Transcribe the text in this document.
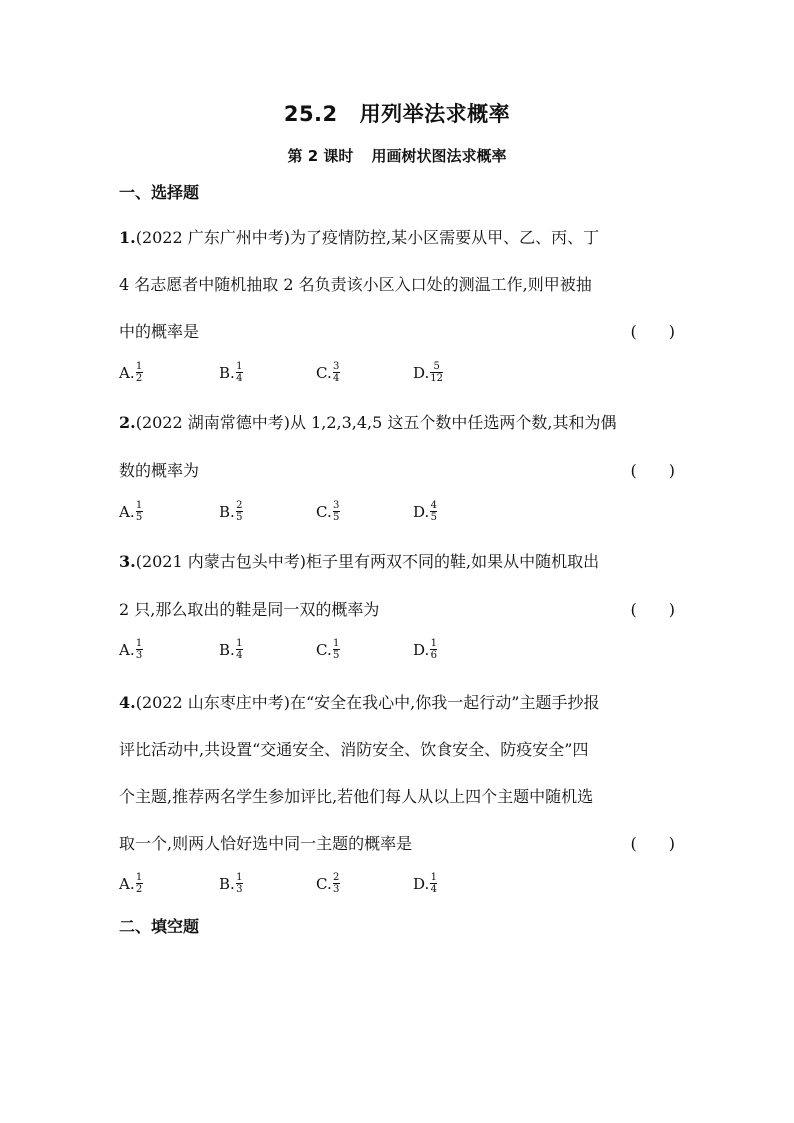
25.2 用列举法求概率
第 2 课时 用画树状图法求概率
一、选择题
1.(2022 广东广州中考)为了疫情防控,某小区需要从甲、乙、丙、丁
4 名志愿者中随机抽取 2 名负责该小区入口处的测温工作,则甲被抽
中的概率是	(　　)
A. $\frac{1}{2}$	B. $\frac{1}{4}$	C. $\frac{3}{4}$	D. $\frac{5}{12}$
2.(2022 湖南常德中考)从 1,2,3,4,5 这五个数中任选两个数,其和为偶
数的概率为	(　　)
A. $\frac{1}{5}$	B. $\frac{2}{5}$	C. $\frac{3}{5}$	D. $\frac{4}{5}$
3.(2021 内蒙古包头中考)柜子里有两双不同的鞋,如果从中随机取出
2 只,那么取出的鞋是同一双的概率为	(　　)
A. $\frac{1}{3}$	B. $\frac{1}{4}$	C. $\frac{1}{5}$	D. $\frac{1}{6}$
4.(2022 山东枣庄中考)在“安全在我心中,你我一起行动”主题手抄报
评比活动中,共设置“交通安全、消防安全、饮食安全、防疫安全”四
个主题,推荐两名学生参加评比,若他们每人从以上四个主题中随机选
取一个,则两人恰好选中同一主题的概率是	(　　)
A. $\frac{1}{2}$	B. $\frac{1}{3}$	C. $\frac{2}{3}$	D. $\frac{1}{4}$
二、填空题
